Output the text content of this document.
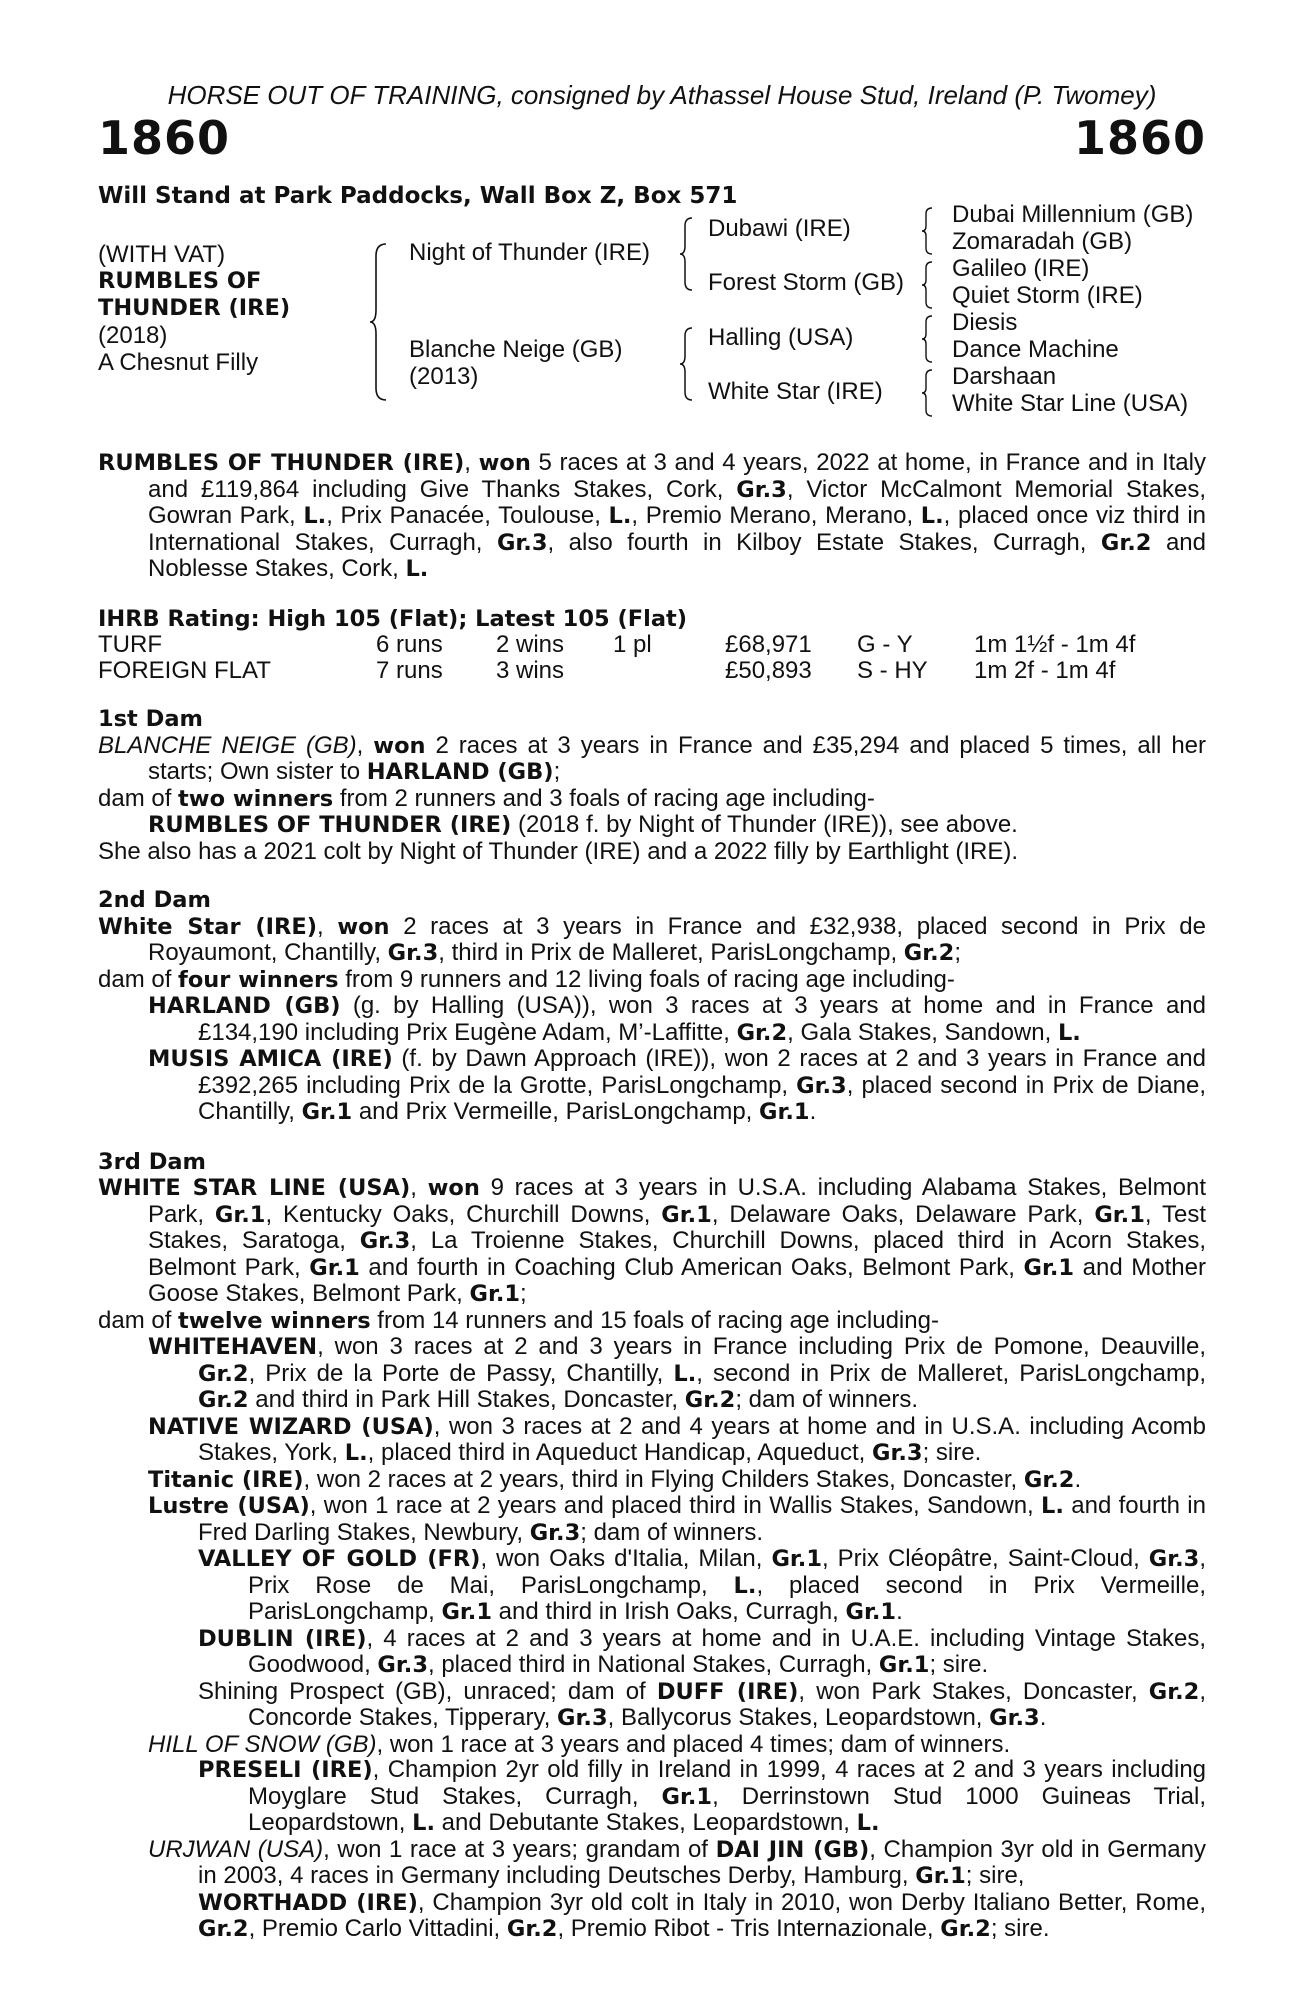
HORSE OUT OF TRAINING, consigned by Athassel House Stud, Ireland (P. Twomey)
1860	1860
Will Stand at Park Paddocks, Wall Box Z, Box 571
(WITH VAT)
RUMBLES OF
THUNDER (IRE)
(2018)
A Chesnut Filly
Night of Thunder (IRE)
Blanche Neige (GB)
(2013)
Dubawi (IRE)
Forest Storm (GB)
Halling (USA)
White Star (IRE)
Dubai Millennium (GB)
Zomaradah (GB)
Galileo (IRE)
Quiet Storm (IRE)
Diesis
Dance Machine
Darshaan
White Star Line (USA)

RUMBLES OF THUNDER (IRE), won 5 races at 3 and 4 years, 2022 at home, in France and in Italy and £119,864 including Give Thanks Stakes, Cork, Gr.3, Victor McCalmont Memorial Stakes, Gowran Park, L., Prix Panacée, Toulouse, L., Premio Merano, Merano, L., placed once viz third in International Stakes, Curragh, Gr.3, also fourth in Kilboy Estate Stakes, Curragh, Gr.2 and Noblesse Stakes, Cork, L.

IHRB Rating: High 105 (Flat); Latest 105 (Flat)
TURF	6 runs 2 wins 1 pl	£68,971 G - Y	1m 1½f - 1m 4f
FOREIGN FLAT	7 runs 3 wins	£50,893 S - HY 1m 2f - 1m 4f
1st Dam

BLANCHE NEIGE (GB), won 2 races at 3 years in France and £35,294 and placed 5 times, all her starts; Own sister to HARLAND (GB);

dam of two winners from 2 runners and 3 foals of racing age including-

RUMBLES OF THUNDER (IRE) (2018 f. by Night of Thunder (IRE)), see above.

She also has a 2021 colt by Night of Thunder (IRE) and a 2022 filly by Earthlight (IRE).

2nd Dam

White Star (IRE), won 2 races at 3 years in France and £32,938, placed second in Prix de Royaumont, Chantilly, Gr.3, third in Prix de Malleret, ParisLongchamp, Gr.2;

dam of four winners from 9 runners and 12 living foals of racing age including-

HARLAND (GB) (g. by Halling (USA)), won 3 races at 3 years at home and in France and £134,190 including Prix Eugène Adam, M’-Laffitte, Gr.2, Gala Stakes, Sandown, L.

MUSIS AMICA (IRE) (f. by Dawn Approach (IRE)), won 2 races at 2 and 3 years in France and £392,265 including Prix de la Grotte, ParisLongchamp, Gr.3, placed second in Prix de Diane, Chantilly, Gr.1 and Prix Vermeille, ParisLongchamp, Gr.1.

3rd Dam

WHITE STAR LINE (USA), won 9 races at 3 years in U.S.A. including Alabama Stakes, Belmont Park, Gr.1, Kentucky Oaks, Churchill Downs, Gr.1, Delaware Oaks, Delaware Park, Gr.1, Test Stakes, Saratoga, Gr.3, La Troienne Stakes, Churchill Downs, placed third in Acorn Stakes, Belmont Park, Gr.1 and fourth in Coaching Club American Oaks, Belmont Park, Gr.1 and Mother Goose Stakes, Belmont Park, Gr.1;

dam of twelve winners from 14 runners and 15 foals of racing age including-

WHITEHAVEN, won 3 races at 2 and 3 years in France including Prix de Pomone, Deauville, Gr.2, Prix de la Porte de Passy, Chantilly, L., second in Prix de Malleret, ParisLongchamp, Gr.2 and third in Park Hill Stakes, Doncaster, Gr.2; dam of winners.

NATIVE WIZARD (USA), won 3 races at 2 and 4 years at home and in U.S.A. including Acomb Stakes, York, L., placed third in Aqueduct Handicap, Aqueduct, Gr.3; sire.

Titanic (IRE), won 2 races at 2 years, third in Flying Childers Stakes, Doncaster, Gr.2.

Lustre (USA), won 1 race at 2 years and placed third in Wallis Stakes, Sandown, L. and fourth in Fred Darling Stakes, Newbury, Gr.3; dam of winners.

VALLEY OF GOLD (FR), won Oaks d'Italia, Milan, Gr.1, Prix Cléopâtre, Saint-Cloud, Gr.3, Prix Rose de Mai, ParisLongchamp, L., placed second in Prix Vermeille, ParisLongchamp, Gr.1 and third in Irish Oaks, Curragh, Gr.1.

DUBLIN (IRE), 4 races at 2 and 3 years at home and in U.A.E. including Vintage Stakes, Goodwood, Gr.3, placed third in National Stakes, Curragh, Gr.1; sire.

Shining Prospect (GB), unraced; dam of DUFF (IRE), won Park Stakes, Doncaster, Gr.2, Concorde Stakes, Tipperary, Gr.3, Ballycorus Stakes, Leopardstown, Gr.3.

HILL OF SNOW (GB), won 1 race at 3 years and placed 4 times; dam of winners.

PRESELI (IRE), Champion 2yr old filly in Ireland in 1999, 4 races at 2 and 3 years including Moyglare Stud Stakes, Curragh, Gr.1, Derrinstown Stud 1000 Guineas Trial, Leopardstown, L. and Debutante Stakes, Leopardstown, L.

URJWAN (USA), won 1 race at 3 years; grandam of DAI JIN (GB), Champion 3yr old in Germany in 2003, 4 races in Germany including Deutsches Derby, Hamburg, Gr.1; sire,
WORTHADD (IRE), Champion 3yr old colt in Italy in 2010, won Derby Italiano Better, Rome, Gr.2, Premio Carlo Vittadini, Gr.2, Premio Ribot - Tris Internazionale, Gr.2; sire.
